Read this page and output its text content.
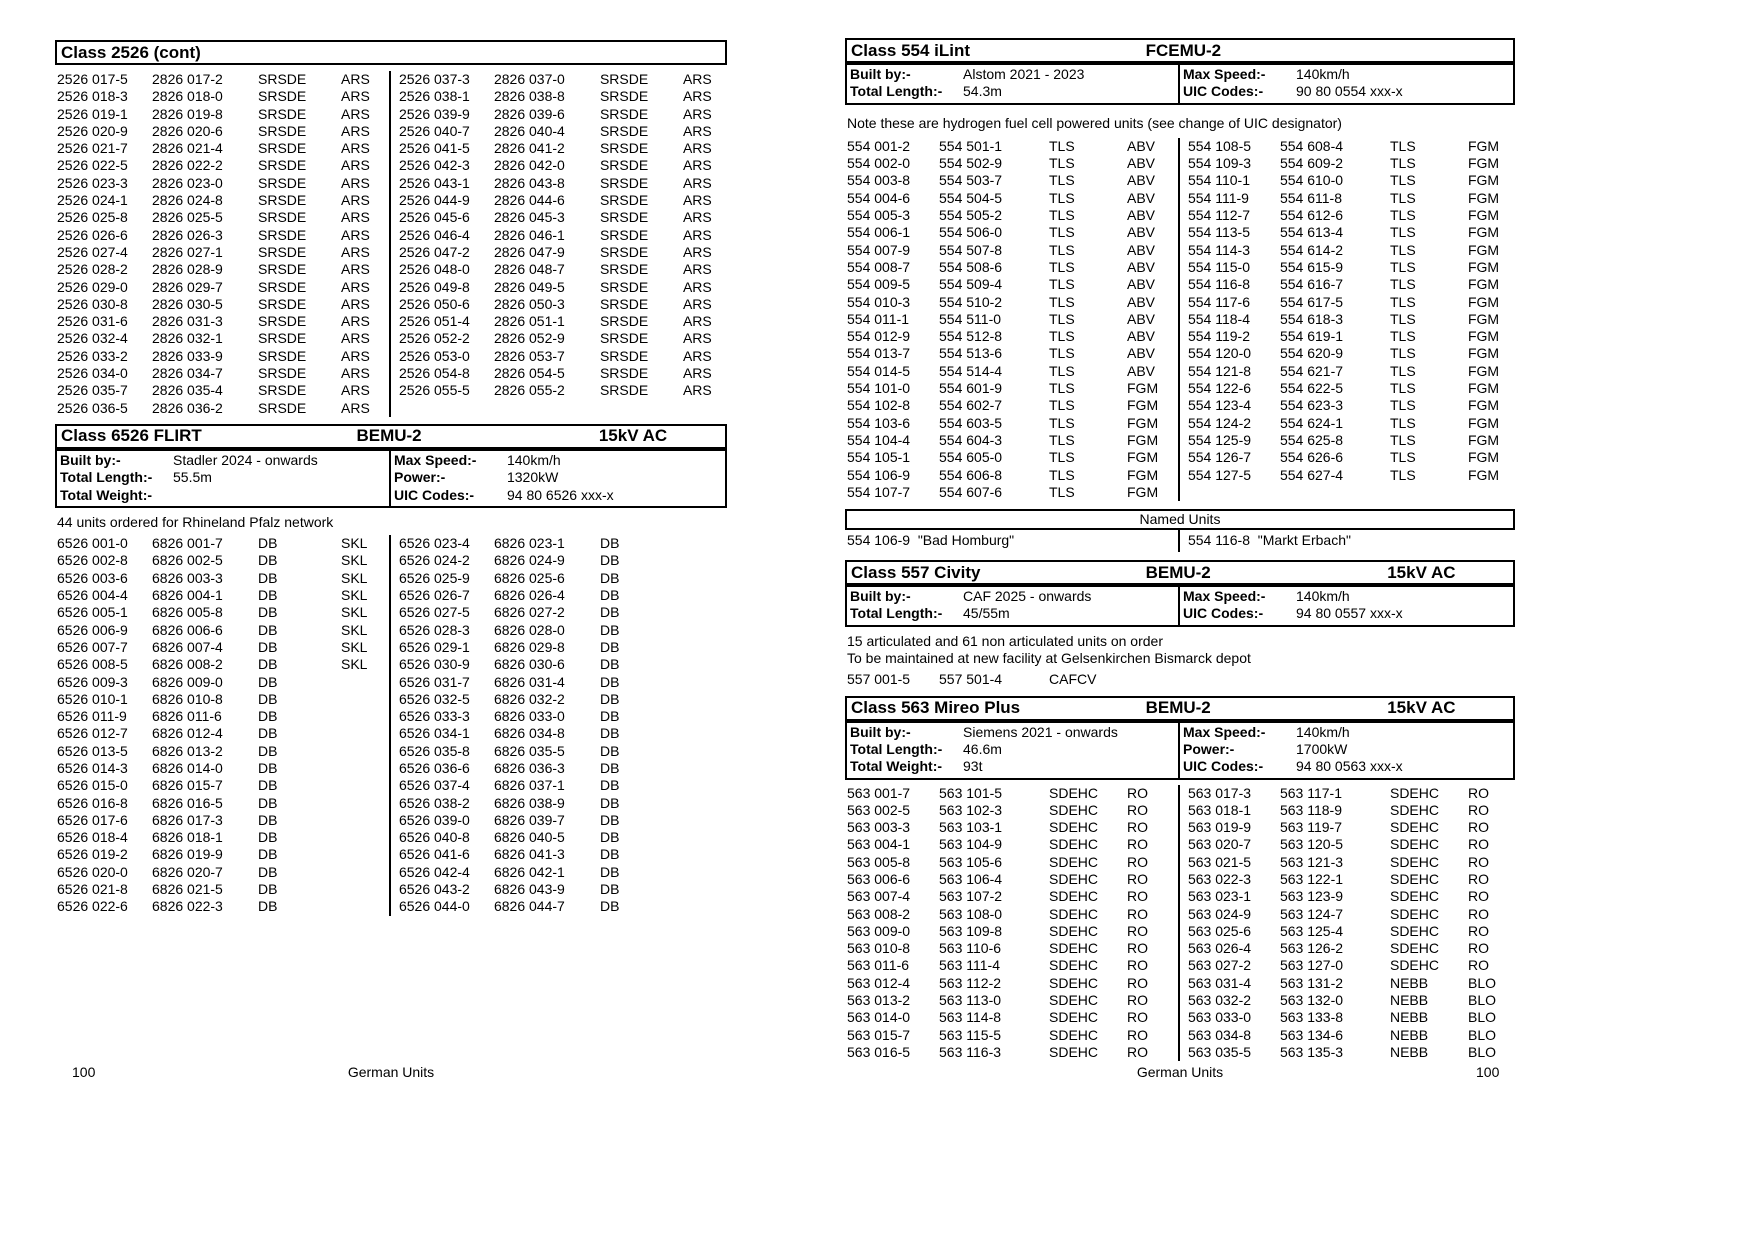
Class 2526 (cont)
2526 017-5	2826 017-2	SRSDE	ARS
2526 018-3	2826 018-0	SRSDE	ARS
2526 019-1	2826 019-8	SRSDE	ARS
2526 020-9	2826 020-6	SRSDE	ARS
2526 021-7	2826 021-4	SRSDE	ARS
2526 022-5	2826 022-2	SRSDE	ARS
2526 023-3	2826 023-0	SRSDE	ARS
2526 024-1	2826 024-8	SRSDE	ARS
2526 025-8	2826 025-5	SRSDE	ARS
2526 026-6	2826 026-3	SRSDE	ARS
2526 027-4	2826 027-1	SRSDE	ARS
2526 028-2	2826 028-9	SRSDE	ARS
2526 029-0	2826 029-7	SRSDE	ARS
2526 030-8	2826 030-5	SRSDE	ARS
2526 031-6	2826 031-3	SRSDE	ARS
2526 032-4	2826 032-1	SRSDE	ARS
2526 033-2	2826 033-9	SRSDE	ARS
2526 034-0	2826 034-7	SRSDE	ARS
2526 035-7	2826 035-4	SRSDE	ARS
2526 036-5	2826 036-2	SRSDE	ARS
2526 037-3	2826 037-0	SRSDE	ARS
2526 038-1	2826 038-8	SRSDE	ARS
2526 039-9	2826 039-6	SRSDE	ARS
2526 040-7	2826 040-4	SRSDE	ARS
2526 041-5	2826 041-2	SRSDE	ARS
2526 042-3	2826 042-0	SRSDE	ARS
2526 043-1	2826 043-8	SRSDE	ARS
2526 044-9	2826 044-6	SRSDE	ARS
2526 045-6	2826 045-3	SRSDE	ARS
2526 046-4	2826 046-1	SRSDE	ARS
2526 047-2	2826 047-9	SRSDE	ARS
2526 048-0	2826 048-7	SRSDE	ARS
2526 049-8	2826 049-5	SRSDE	ARS
2526 050-6	2826 050-3	SRSDE	ARS
2526 051-4	2826 051-1	SRSDE	ARS
2526 052-2	2826 052-9	SRSDE	ARS
2526 053-0	2826 053-7	SRSDE	ARS
2526 054-8	2826 054-5	SRSDE	ARS
2526 055-5	2826 055-2	SRSDE	ARS
Class 6526 FLIRT	BEMU-2	15kV AC
Built by:-	Stadler 2024 - onwards
Total Length:-	55.5m
Total Weight:-
Max Speed:-	140km/h
Power:-	1320kW
UIC Codes:-	94 80 6526 xxx-x
44 units ordered for Rhineland Pfalz network
6526 001-0	6826 001-7	DB	SKL
6526 002-8	6826 002-5	DB	SKL
6526 003-6	6826 003-3	DB	SKL
6526 004-4	6826 004-1	DB	SKL
6526 005-1	6826 005-8	DB	SKL
6526 006-9	6826 006-6	DB	SKL
6526 007-7	6826 007-4	DB	SKL
6526 008-5	6826 008-2	DB	SKL
6526 009-3	6826 009-0	DB
6526 010-1	6826 010-8	DB
6526 011-9	6826 011-6	DB
6526 012-7	6826 012-4	DB
6526 013-5	6826 013-2	DB
6526 014-3	6826 014-0	DB
6526 015-0	6826 015-7	DB
6526 016-8	6826 016-5	DB
6526 017-6	6826 017-3	DB
6526 018-4	6826 018-1	DB
6526 019-2	6826 019-9	DB
6526 020-0	6826 020-7	DB
6526 021-8	6826 021-5	DB
6526 022-6	6826 022-3	DB
6526 023-4	6826 023-1	DB
6526 024-2	6826 024-9	DB
6526 025-9	6826 025-6	DB
6526 026-7	6826 026-4	DB
6526 027-5	6826 027-2	DB
6526 028-3	6826 028-0	DB
6526 029-1	6826 029-8	DB
6526 030-9	6826 030-6	DB
6526 031-7	6826 031-4	DB
6526 032-5	6826 032-2	DB
6526 033-3	6826 033-0	DB
6526 034-1	6826 034-8	DB
6526 035-8	6826 035-5	DB
6526 036-6	6826 036-3	DB
6526 037-4	6826 037-1	DB
6526 038-2	6826 038-9	DB
6526 039-0	6826 039-7	DB
6526 040-8	6826 040-5	DB
6526 041-6	6826 041-3	DB
6526 042-4	6826 042-1	DB
6526 043-2	6826 043-9	DB
6526 044-0	6826 044-7	DB
Class 554 iLint	FCEMU-2
Built by:-	Alstom 2021 - 2023
Total Length:-	54.3m
Max Speed:-	140km/h
UIC Codes:-	90 80 0554 xxx-x
Note these are hydrogen fuel cell powered units (see change of UIC designator)
554 001-2	554 501-1	TLS	ABV
554 002-0	554 502-9	TLS	ABV
554 003-8	554 503-7	TLS	ABV
554 004-6	554 504-5	TLS	ABV
554 005-3	554 505-2	TLS	ABV
554 006-1	554 506-0	TLS	ABV
554 007-9	554 507-8	TLS	ABV
554 008-7	554 508-6	TLS	ABV
554 009-5	554 509-4	TLS	ABV
554 010-3	554 510-2	TLS	ABV
554 011-1	554 511-0	TLS	ABV
554 012-9	554 512-8	TLS	ABV
554 013-7	554 513-6	TLS	ABV
554 014-5	554 514-4	TLS	ABV
554 101-0	554 601-9	TLS	FGM
554 102-8	554 602-7	TLS	FGM
554 103-6	554 603-5	TLS	FGM
554 104-4	554 604-3	TLS	FGM
554 105-1	554 605-0	TLS	FGM
554 106-9	554 606-8	TLS	FGM
554 107-7	554 607-6	TLS	FGM
554 108-5	554 608-4	TLS	FGM
554 109-3	554 609-2	TLS	FGM
554 110-1	554 610-0	TLS	FGM
554 111-9	554 611-8	TLS	FGM
554 112-7	554 612-6	TLS	FGM
554 113-5	554 613-4	TLS	FGM
554 114-3	554 614-2	TLS	FGM
554 115-0	554 615-9	TLS	FGM
554 116-8	554 616-7	TLS	FGM
554 117-6	554 617-5	TLS	FGM
554 118-4	554 618-3	TLS	FGM
554 119-2	554 619-1	TLS	FGM
554 120-0	554 620-9	TLS	FGM
554 121-8	554 621-7	TLS	FGM
554 122-6	554 622-5	TLS	FGM
554 123-4	554 623-3	TLS	FGM
554 124-2	554 624-1	TLS	FGM
554 125-9	554 625-8	TLS	FGM
554 126-7	554 626-6	TLS	FGM
554 127-5	554 627-4	TLS	FGM
Named Units
554 106-9  "Bad Homburg"	554 116-8  "Markt Erbach"
Class 557 Civity	BEMU-2	15kV AC
Built by:-	CAF 2025 - onwards
Total Length:-	45/55m
Max Speed:-	140km/h
UIC Codes:-	94 80 0557 xxx-x
15 articulated and 61 non articulated units on order
To be maintained at new facility at Gelsenkirchen Bismarck depot
557 001-5	557 501-4	CAFCV
Class 563 Mireo Plus	BEMU-2	15kV AC
Built by:-	Siemens 2021 - onwards
Total Length:-	46.6m
Total Weight:-	93t
Max Speed:-	140km/h
Power:-	1700kW
UIC Codes:-	94 80 0563 xxx-x
563 001-7	563 101-5	SDEHC	RO
563 002-5	563 102-3	SDEHC	RO
563 003-3	563 103-1	SDEHC	RO
563 004-1	563 104-9	SDEHC	RO
563 005-8	563 105-6	SDEHC	RO
563 006-6	563 106-4	SDEHC	RO
563 007-4	563 107-2	SDEHC	RO
563 008-2	563 108-0	SDEHC	RO
563 009-0	563 109-8	SDEHC	RO
563 010-8	563 110-6	SDEHC	RO
563 011-6	563 111-4	SDEHC	RO
563 012-4	563 112-2	SDEHC	RO
563 013-2	563 113-0	SDEHC	RO
563 014-0	563 114-8	SDEHC	RO
563 015-7	563 115-5	SDEHC	RO
563 016-5	563 116-3	SDEHC	RO
563 017-3	563 117-1	SDEHC	RO
563 018-1	563 118-9	SDEHC	RO
563 019-9	563 119-7	SDEHC	RO
563 020-7	563 120-5	SDEHC	RO
563 021-5	563 121-3	SDEHC	RO
563 022-3	563 122-1	SDEHC	RO
563 023-1	563 123-9	SDEHC	RO
563 024-9	563 124-7	SDEHC	RO
563 025-6	563 125-4	SDEHC	RO
563 026-4	563 126-2	SDEHC	RO
563 027-2	563 127-0	SDEHC	RO
563 031-4	563 131-2	NEBB	BLO
563 032-2	563 132-0	NEBB	BLO
563 033-0	563 133-8	NEBB	BLO
563 034-8	563 134-6	NEBB	BLO
563 035-5	563 135-3	NEBB	BLO
100	German Units	German Units	100
